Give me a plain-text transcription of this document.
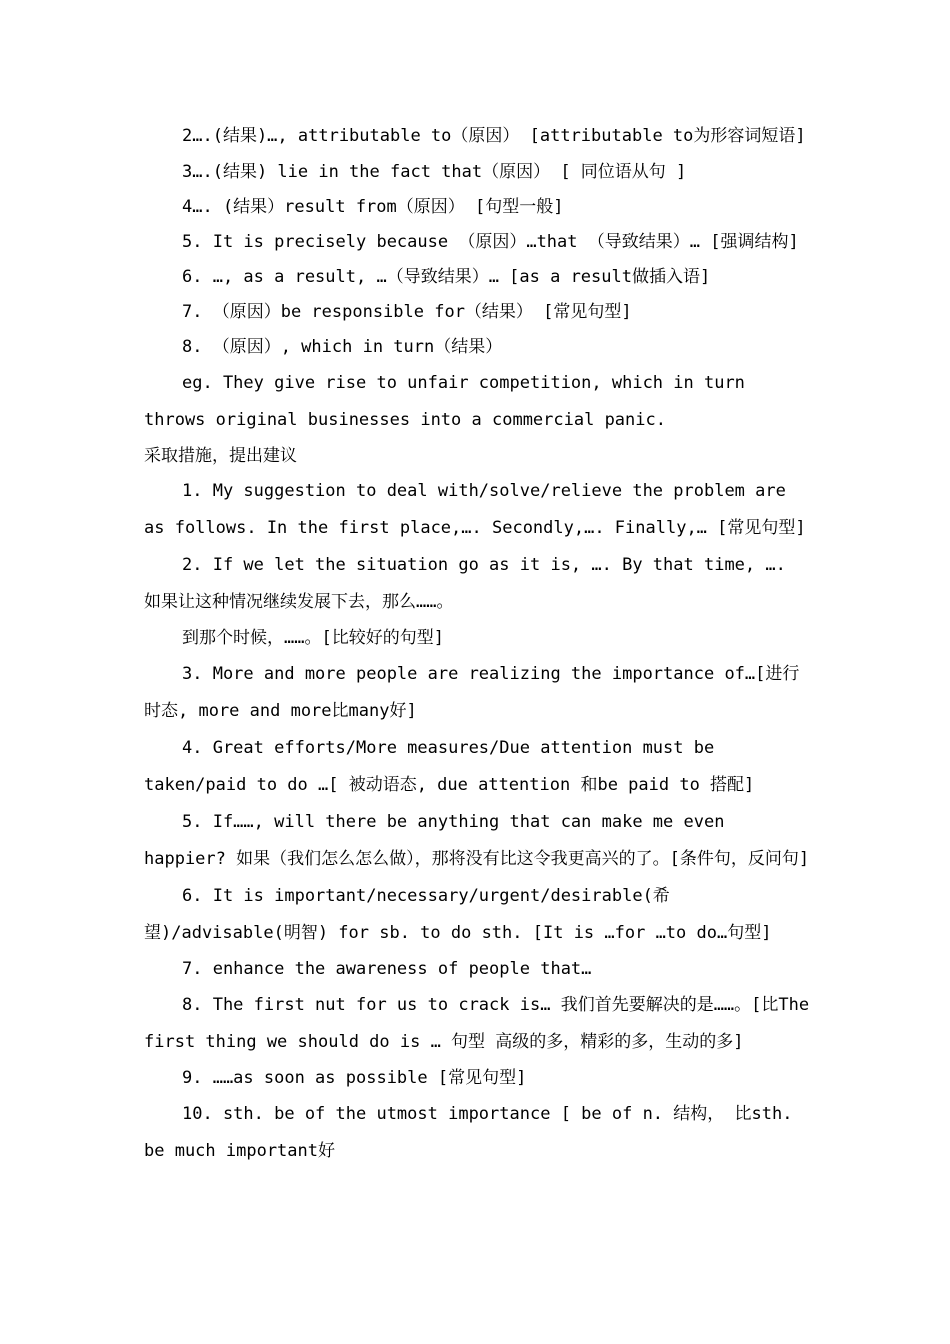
2….(结果)…, attributable to（原因） [attributable to为形容词短语]

3….(结果) lie in the fact that（原因） [ 同位语从句 ]

4…. (结果）result from（原因） [句型一般]

5. It is precisely because （原因）…that （导致结果）… [强调结构]

6. …, as a result, …（导致结果）… [as a result做插入语]

7. （原因）be responsible for（结果） [常见句型]

8. （原因）, which in turn（结果）

eg. They give rise to unfair competition, which in turn throws original businesses into a commercial panic.

采取措施，提出建议

1. My suggestion to deal with/solve/relieve the problem are as follows. In the first place,…. Secondly,…. Finally,… [常见句型]

2. If we let the situation go as it is, …. By that time, …. 如果让这种情况继续发展下去，那么……。

到那个时候，……。[比较好的句型]

3. More and more people are realizing the importance of…[进行时态, more and more比many好]

4. Great efforts/More measures/Due attention must be taken/paid to do …[ 被动语态, due attention 和be paid to 搭配]

5. If……, will there be anything that can make me even happier? 如果（我们怎么怎么做），那将没有比这令我更高兴的了。[条件句，反问句]

6. It is important/necessary/urgent/desirable(希望)/advisable(明智) for sb. to do sth. [It is …for …to do…句型]

7. enhance the awareness of people that…

8. The first nut for us to crack is… 我们首先要解决的是……。[比The first thing we should do is … 句型 高级的多，精彩的多，生动的多]

9. ……as soon as possible [常见句型]

10. sth. be of the utmost importance [ be of n. 结构， 比sth. be much important好
